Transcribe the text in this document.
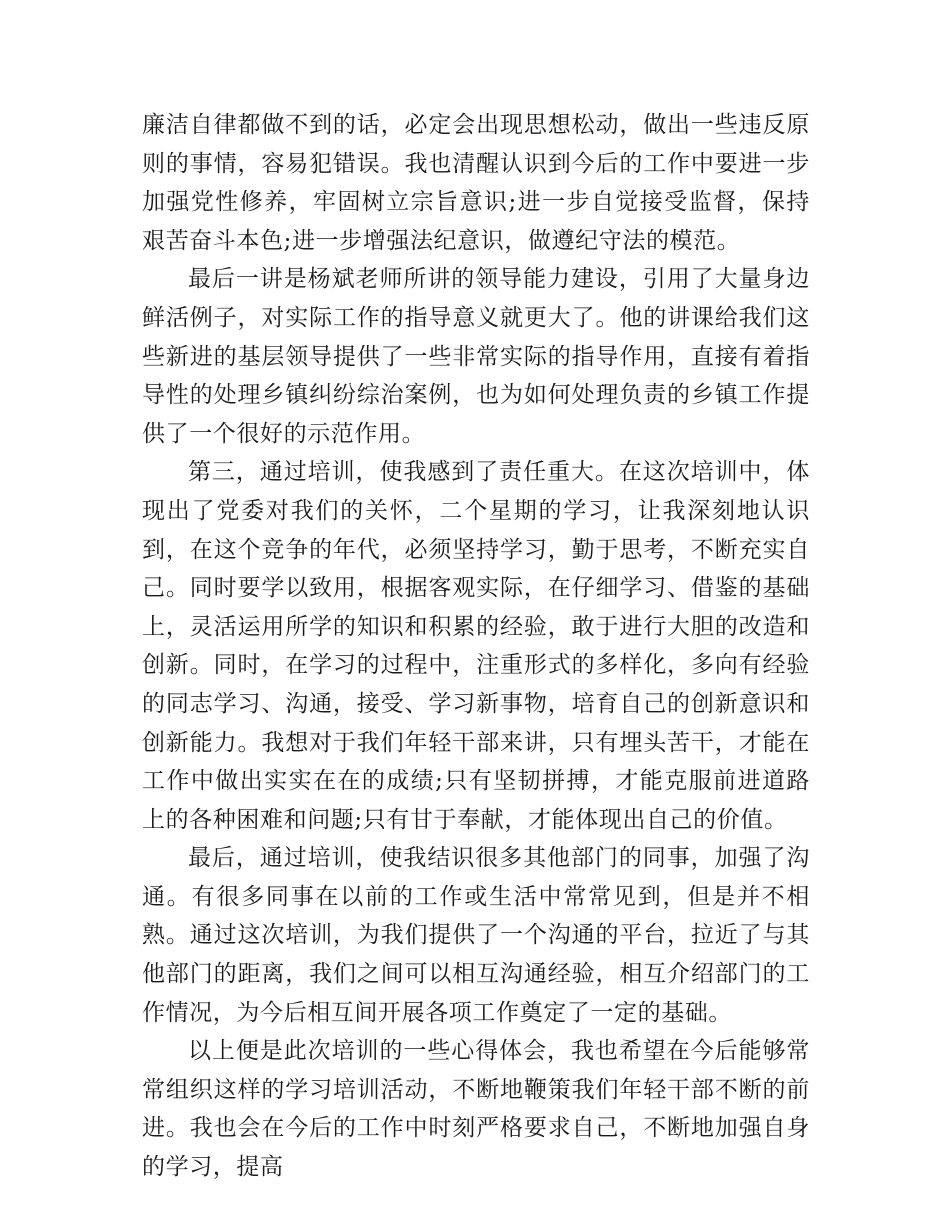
廉洁自律都做不到的话，必定会出现思想松动，做出一些违反原则的事情，容易犯错误。我也清醒认识到今后的工作中要进一步加强党性修养，牢固树立宗旨意识;进一步自觉接受监督，保持艰苦奋斗本色;进一步增强法纪意识，做遵纪守法的模范。

最后一讲是杨斌老师所讲的领导能力建设，引用了大量身边鲜活例子，对实际工作的指导意义就更大了。他的讲课给我们这些新进的基层领导提供了一些非常实际的指导作用，直接有着指导性的处理乡镇纠纷综治案例，也为如何处理负责的乡镇工作提供了一个很好的示范作用。

第三，通过培训，使我感到了责任重大。在这次培训中，体现出了党委对我们的关怀，二个星期的学习，让我深刻地认识到，在这个竞争的年代，必须坚持学习，勤于思考，不断充实自己。同时要学以致用，根据客观实际，在仔细学习、借鉴的基础上，灵活运用所学的知识和积累的经验，敢于进行大胆的改造和创新。同时，在学习的过程中，注重形式的多样化，多向有经验的同志学习、沟通，接受、学习新事物，培育自己的创新意识和创新能力。我想对于我们年轻干部来讲，只有埋头苦干，才能在工作中做出实实在在的成绩;只有坚韧拼搏，才能克服前进道路上的各种困难和问题;只有甘于奉献，才能体现出自己的价值。

最后，通过培训，使我结识很多其他部门的同事，加强了沟通。有很多同事在以前的工作或生活中常常见到，但是并不相熟。通过这次培训，为我们提供了一个沟通的平台，拉近了与其他部门的距离，我们之间可以相互沟通经验，相互介绍部门的工作情况，为今后相互间开展各项工作奠定了一定的基础。

以上便是此次培训的一些心得体会，我也希望在今后能够常常组织这样的学习培训活动，不断地鞭策我们年轻干部不断的前进。我也会在今后的工作中时刻严格要求自己，不断地加强自身的学习，提高
